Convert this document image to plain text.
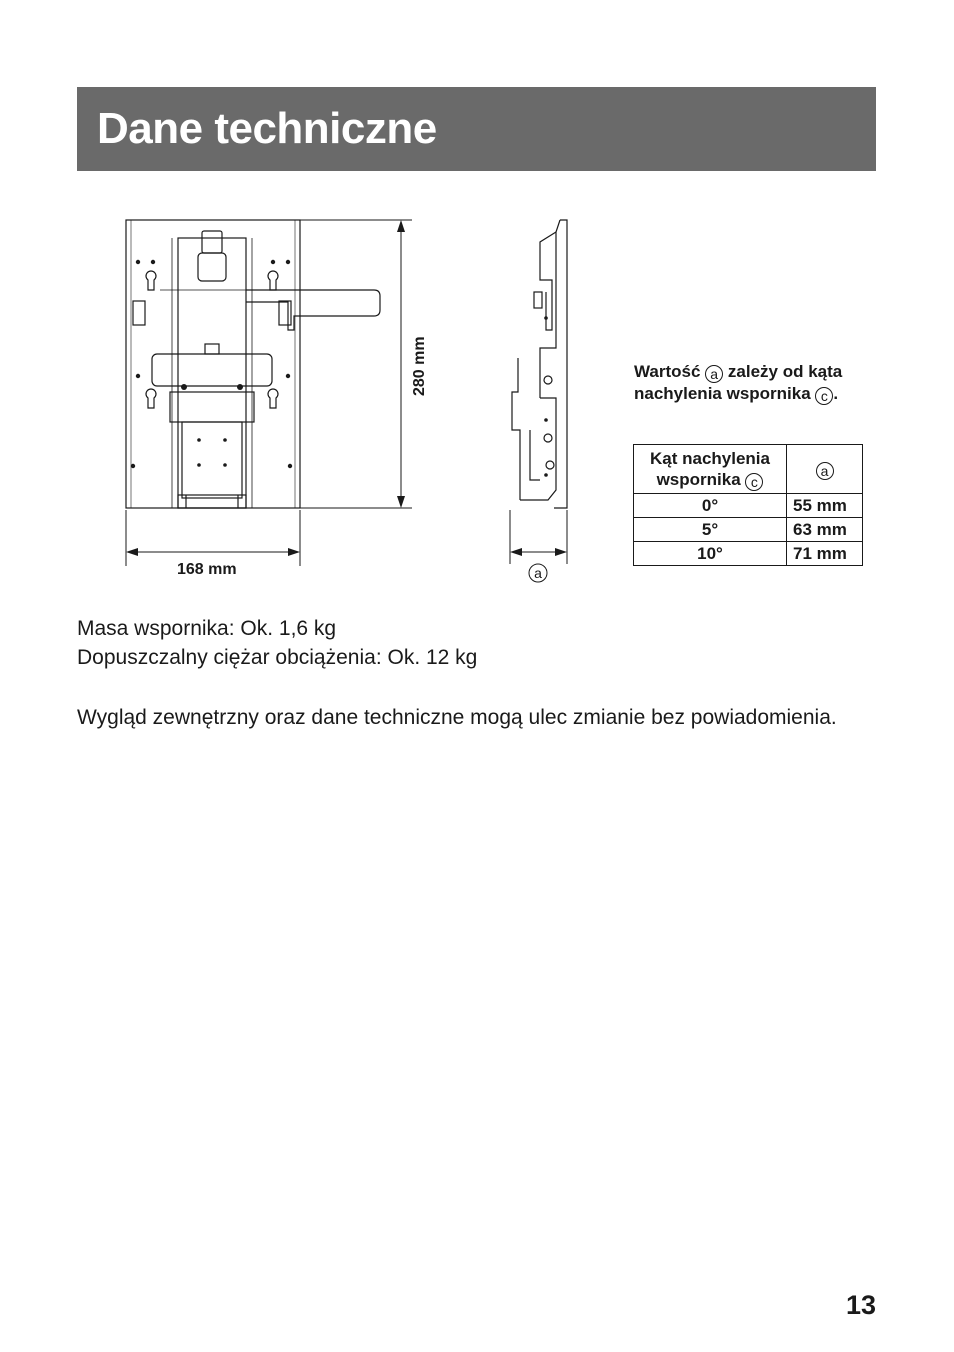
Dane techniczne
280 mm
168 mm	a
Wartość a zależy od kąta nachylenia wspornika c .
Kąt nachylenia wspornika c	a
0°	55 mm
5°	63 mm
10°	71 mm

Masa wspornika: Ok. 1,6 kg

Dopuszczalny ciężar obciążenia: Ok. 12 kg

Wygląd zewnętrzny oraz dane techniczne mogą ulec zmianie bez powiadomienia.

13
